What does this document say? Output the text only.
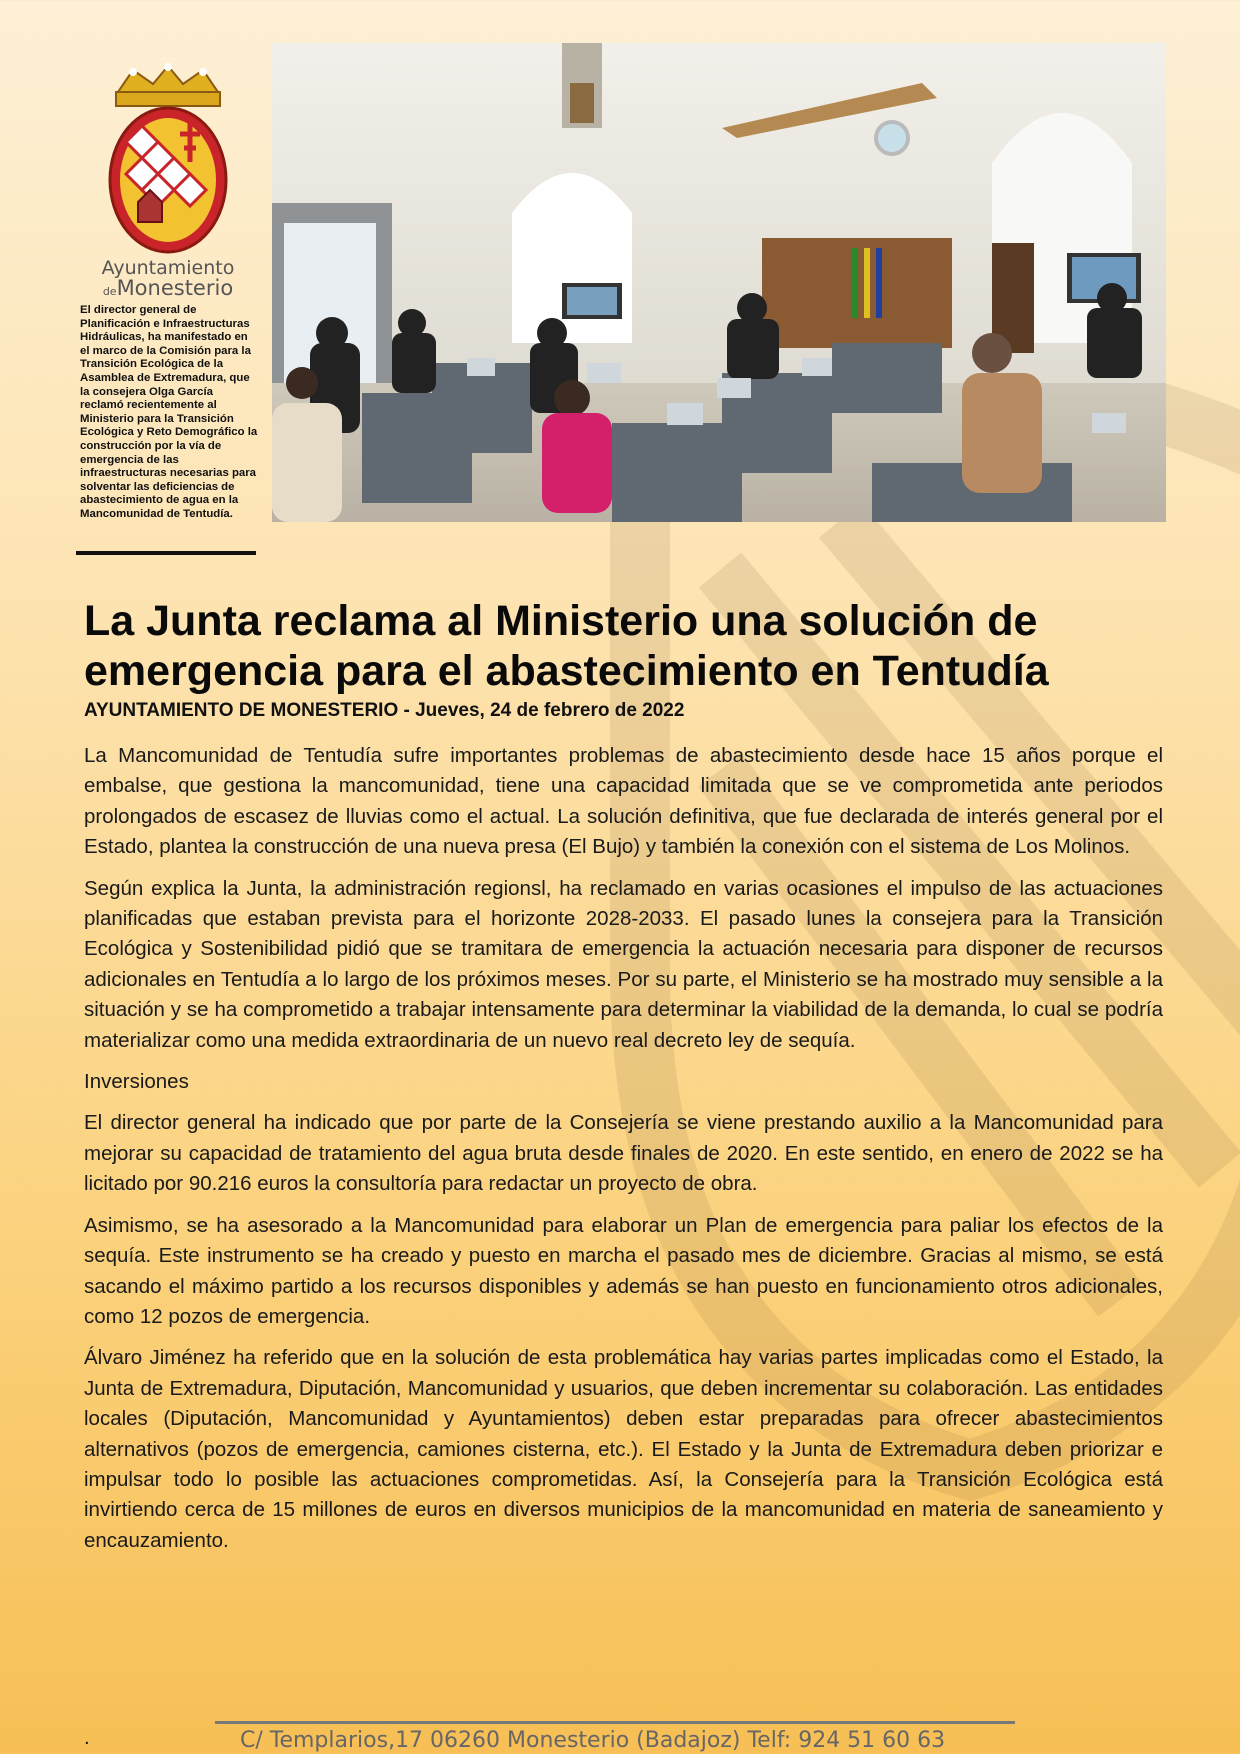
Ayuntamiento
deMonesterio

El director general de Planificación e Infraestructuras Hidráulicas, ha manifestado en el marco de la Comisión para la Transición Ecológica de la Asamblea de Extremadura, que la consejera Olga García reclamó recientemente al Ministerio para la Transición Ecológica y Reto Demográfico la construcción por la vía de emergencia de las infraestructuras necesarias para solventar las deficiencias de abastecimiento de agua en la Mancomunidad de Tentudía.

La Junta reclama al Ministerio una solución de emergencia para el abastecimiento en Tentudía

AYUNTAMIENTO DE MONESTERIO - Jueves, 24 de febrero de 2022

La Mancomunidad de Tentudía sufre importantes problemas de abastecimiento desde hace 15 años porque el embalse, que gestiona la mancomunidad, tiene una capacidad limitada que se ve comprometida ante periodos prolongados de escasez de lluvias como el actual. La solución definitiva, que fue declarada de interés general por el Estado, plantea la construcción de una nueva presa (El Bujo) y también la conexión con el sistema de Los Molinos.

Según explica la Junta, la administración regionsl, ha reclamado en varias ocasiones el impulso de las actuaciones planificadas que estaban prevista para el horizonte 2028-2033. El pasado lunes la consejera para la Transición Ecológica y Sostenibilidad pidió que se tramitara de emergencia la actuación necesaria para disponer de recursos adicionales en Tentudía a lo largo de los próximos meses. Por su parte, el Ministerio se ha mostrado muy sensible a la situación y se ha comprometido a trabajar intensamente para determinar la viabilidad de la demanda, lo cual se podría materializar como una medida extraordinaria de un nuevo real decreto ley de sequía.

Inversiones

El director general ha indicado que por parte de la Consejería se viene prestando auxilio a la Mancomunidad para mejorar su capacidad de tratamiento del agua bruta desde finales de 2020. En este sentido, en enero de 2022 se ha licitado por 90.216 euros la consultoría para redactar un proyecto de obra.

Asimismo, se ha asesorado a la Mancomunidad para elaborar un Plan de emergencia para paliar los efectos de la sequía. Este instrumento se ha creado y puesto en marcha el pasado mes de diciembre. Gracias al mismo, se está sacando el máximo partido a los recursos disponibles y además se han puesto en funcionamiento otros adicionales, como 12 pozos de emergencia.

Álvaro Jiménez ha referido que en la solución de esta problemática hay varias partes implicadas como el Estado, la Junta de Extremadura, Diputación, Mancomunidad y usuarios, que deben incrementar su colaboración. Las entidades locales (Diputación, Mancomunidad y Ayuntamientos) deben estar preparadas para ofrecer abastecimientos alternativos (pozos de emergencia, camiones cisterna, etc.). El Estado y la Junta de Extremadura deben priorizar e impulsar todo lo posible las actuaciones comprometidas. Así, la Consejería para la Transición Ecológica está invirtiendo cerca de 15 millones de euros en diversos municipios de la mancomunidad en materia de saneamiento y encauzamiento.

.	C/ Templarios,17 06260 Monesterio (Badajoz) Telf: 924 51 60 63
